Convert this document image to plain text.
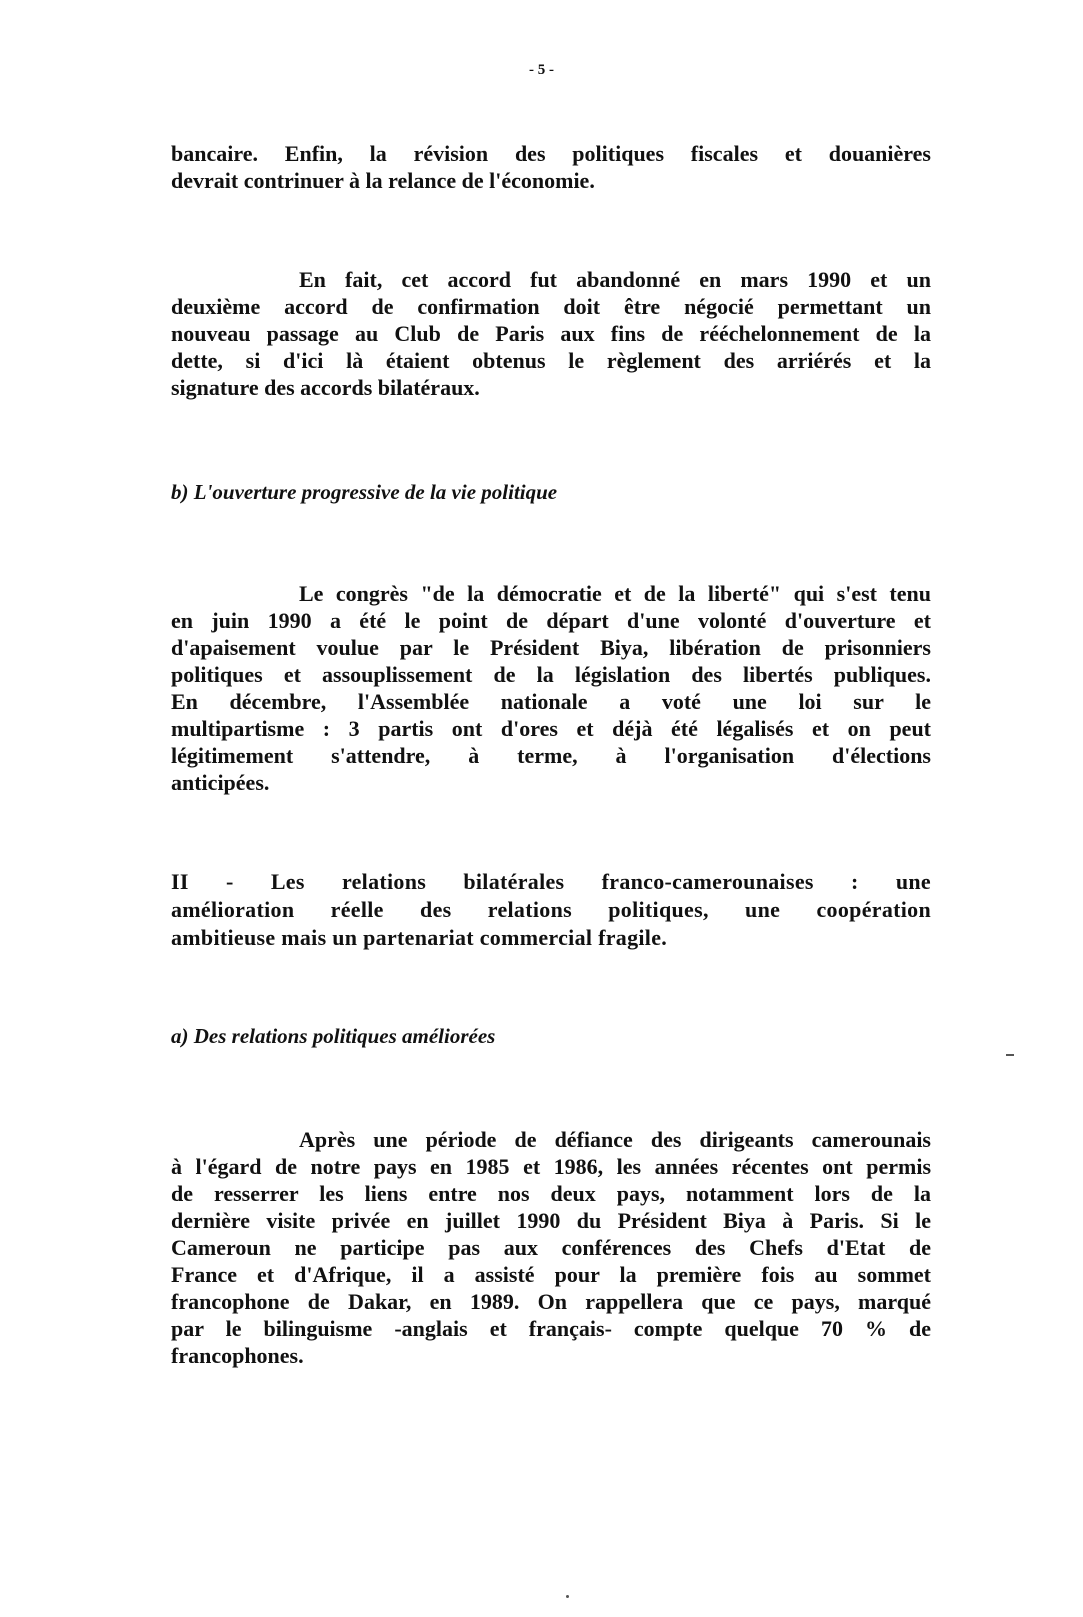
- 5 -
bancaire. Enfin, la révision des politiques fiscales et douanières
devrait contrinuer à la relance de l'économie.
En fait, cet accord fut abandonné en mars 1990 et un
deuxième accord de confirmation doit être négocié permettant un
nouveau passage au Club de Paris aux fins de rééchelonnement de la
dette, si d'ici là étaient obtenus le règlement des arriérés et la
signature des accords bilatéraux.
b) L'ouverture progressive de la vie politique
Le congrès "de la démocratie et de la liberté" qui s'est tenu
en juin 1990 a été le point de départ d'une volonté d'ouverture et
d'apaisement voulue par le Président Biya, libération de prisonniers
politiques et assouplissement de la législation des libertés publiques.
En décembre, l'Assemblée nationale a voté une loi sur le
multipartisme : 3 partis ont d'ores et déjà été légalisés et on peut
légitimement s'attendre, à terme, à l'organisation d'élections
anticipées.
II - Les relations bilatérales franco-camerounaises : une
amélioration réelle des relations politiques, une coopération
ambitieuse mais un partenariat commercial fragile.
a) Des relations politiques améliorées
Après une période de défiance des dirigeants camerounais
à l'égard de notre pays en 1985 et 1986, les années récentes ont permis
de resserrer les liens entre nos deux pays, notamment lors de la
dernière visite privée en juillet 1990 du Président Biya à Paris. Si le
Cameroun ne participe pas aux conférences des Chefs d'Etat de
France et d'Afrique, il a assisté pour la première fois au sommet
francophone de Dakar, en 1989. On rappellera que ce pays, marqué
par le bilinguisme -anglais et français- compte quelque 70 % de
francophones.
